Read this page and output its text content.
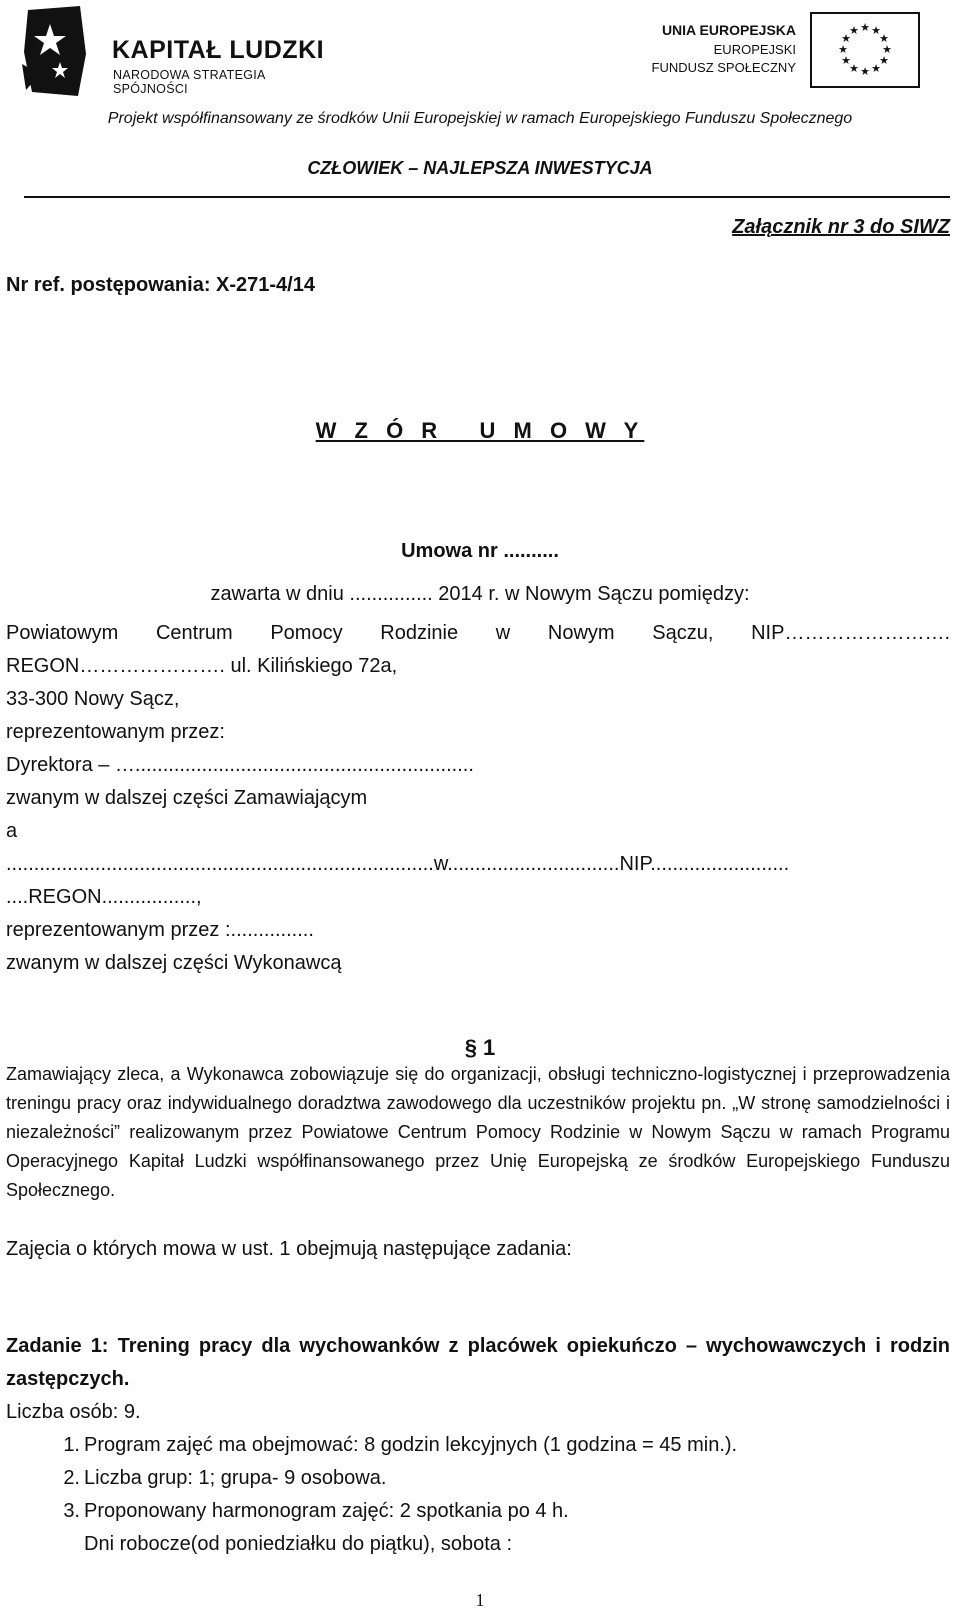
KAPITAŁ LUDZKI
NARODOWA STRATEGIA SPÓJNOŚCI
UNIA EUROPEJSKA
EUROPEJSKI
FUNDUSZ SPOŁECZNY
★ ★
★
★
★
★
★
★
★
★
★
★
Projekt współfinansowany ze środków Unii Europejskiej w ramach Europejskiego Funduszu Społecznego
CZŁOWIEK – NAJLEPSZA INWESTYCJA
Załącznik nr 3 do SIWZ
Nr ref. postępowania: X-271-4/14
W Z Ó R   U M O W Y
Umowa nr ..........
zawarta w dniu ............... 2014 r. w Nowym Sączu pomiędzy:
Powiatowym Centrum Pomocy Rodzinie w Nowym Sączu, NIP…………………….
REGON…………………. ul. Kilińskiego 72a,
33-300 Nowy Sącz,
reprezentowanym przez:
Dyrektora – ….............................................................
zwanym w dalszej części Zamawiającym
a
.............................................................................w...............................NIP.........................
....REGON.................,
reprezentowanym przez :...............
zwanym w dalszej części Wykonawcą
§ 1
Zamawiający zleca, a Wykonawca zobowiązuje się do organizacji, obsługi techniczno-logistycznej i przeprowadzenia treningu pracy oraz indywidualnego doradztwa zawodowego dla uczestników projektu pn. „W stronę samodzielności i niezależności” realizowanym przez Powiatowe Centrum Pomocy Rodzinie w Nowym Sączu w ramach Programu Operacyjnego Kapitał Ludzki współfinansowanego przez Unię Europejską ze środków Europejskiego Funduszu Społecznego.
Zajęcia o których mowa w ust. 1 obejmują następujące zadania:
Zadanie 1: Trening pracy dla wychowanków z placówek opiekuńczo – wychowawczych i rodzin zastępczych.
Liczba osób: 9.
1. Program zajęć ma obejmować: 8 godzin lekcyjnych (1 godzina = 45 min.).
2. Liczba grup: 1; grupa- 9 osobowa.
3. Proponowany harmonogram zajęć: 2 spotkania po 4 h.
Dni robocze(od poniedziałku do piątku), sobota :
1
